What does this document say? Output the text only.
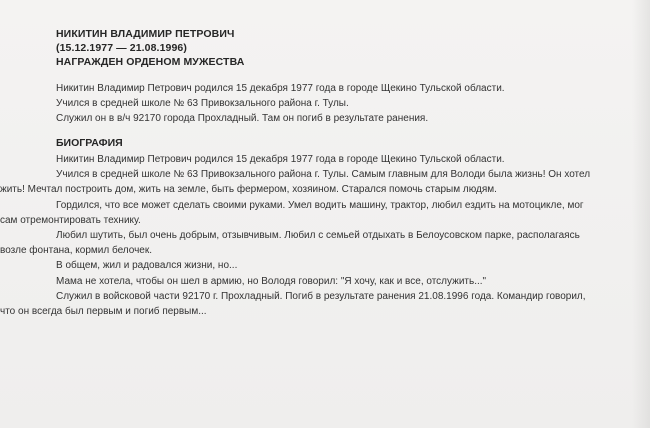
НИКИТИН ВЛАДИМИР ПЕТРОВИЧ
(15.12.1977 — 21.08.1996)
НАГРАЖДЕН ОРДЕНОМ МУЖЕСТВА
Никитин Владимир Петрович родился 15 декабря 1977 года в городе Щекино Тульской области.
Учился в средней школе № 63 Привокзального района г. Тулы.
Служил он в в/ч 92170 города Прохладный. Там он погиб в результате ранения.
БИОГРАФИЯ
Никитин Владимир Петрович родился 15 декабря 1977 года в городе Щекино Тульской области.
Учился в средней школе № 63 Привокзального района г. Тулы. Самым главным для Володи была жизнь! Он хотел
жить! Мечтал построить дом, жить на земле, быть фермером, хозяином. Старался помочь старым людям.
Гордился, что все может сделать своими руками. Умел водить машину, трактор, любил ездить на мотоцикле, мог
сам отремонтировать технику.
Любил шутить, был очень добрым, отзывчивым. Любил с семьей отдыхать в Белоусовском парке, располагаясь
возле фонтана, кормил белочек.
В общем, жил и радовался жизни, но...
Мама не хотела, чтобы он шел в армию, но Володя говорил: "Я хочу, как и все, отслужить..."
Служил в войсковой части 92170 г. Прохладный. Погиб в результате ранения 21.08.1996 года. Командир говорил,
что он всегда был первым и погиб первым...
